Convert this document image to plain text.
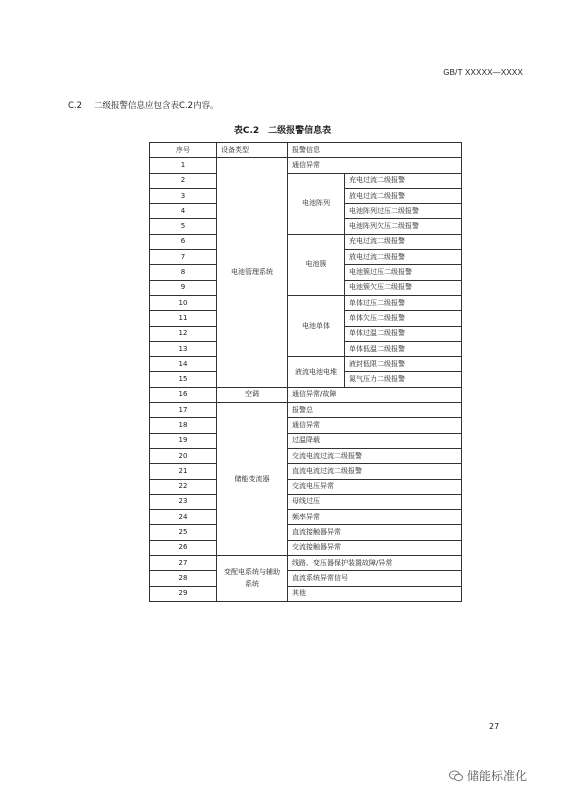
GB/T XXXXX—XXXX
C.2 二级报警信息应包含表C.2内容。
表C.2　二级报警信息表
序号	设备类型	报警信息	
1	电池管理系统	通信异常	
2		电池阵列	充电过流二级报警
3			放电过流二级报警
4			电池阵列过压二级报警
5			电池阵列欠压二级报警
6		电池簇	充电过流二级报警
7			放电过流二级报警
8			电池簇过压二级报警
9			电池簇欠压二级报警
10		电池单体	单体过压二级报警
11			单体欠压二级报警
12			单体过温二级报警
13			单体低温二级报警
14		液流电池电堆	液封低限二级报警
15			氮气压力二级报警
16	空调	通信异常/故障	
17	储能变流器	报警总	
18		通信异常	
19		过温降载	
20		交流电流过流二级报警	
21		直流电流过流二级报警	
22		交流电压异常	
23		母线过压	
24		频率异常	
25		直流接触器异常	
26		交流接触器异常	
27	变配电系统与辅助系统	线路、变压器保护装置故障/异常	
28		直流系统异常信号	
29		其他	
27
储能标准化
